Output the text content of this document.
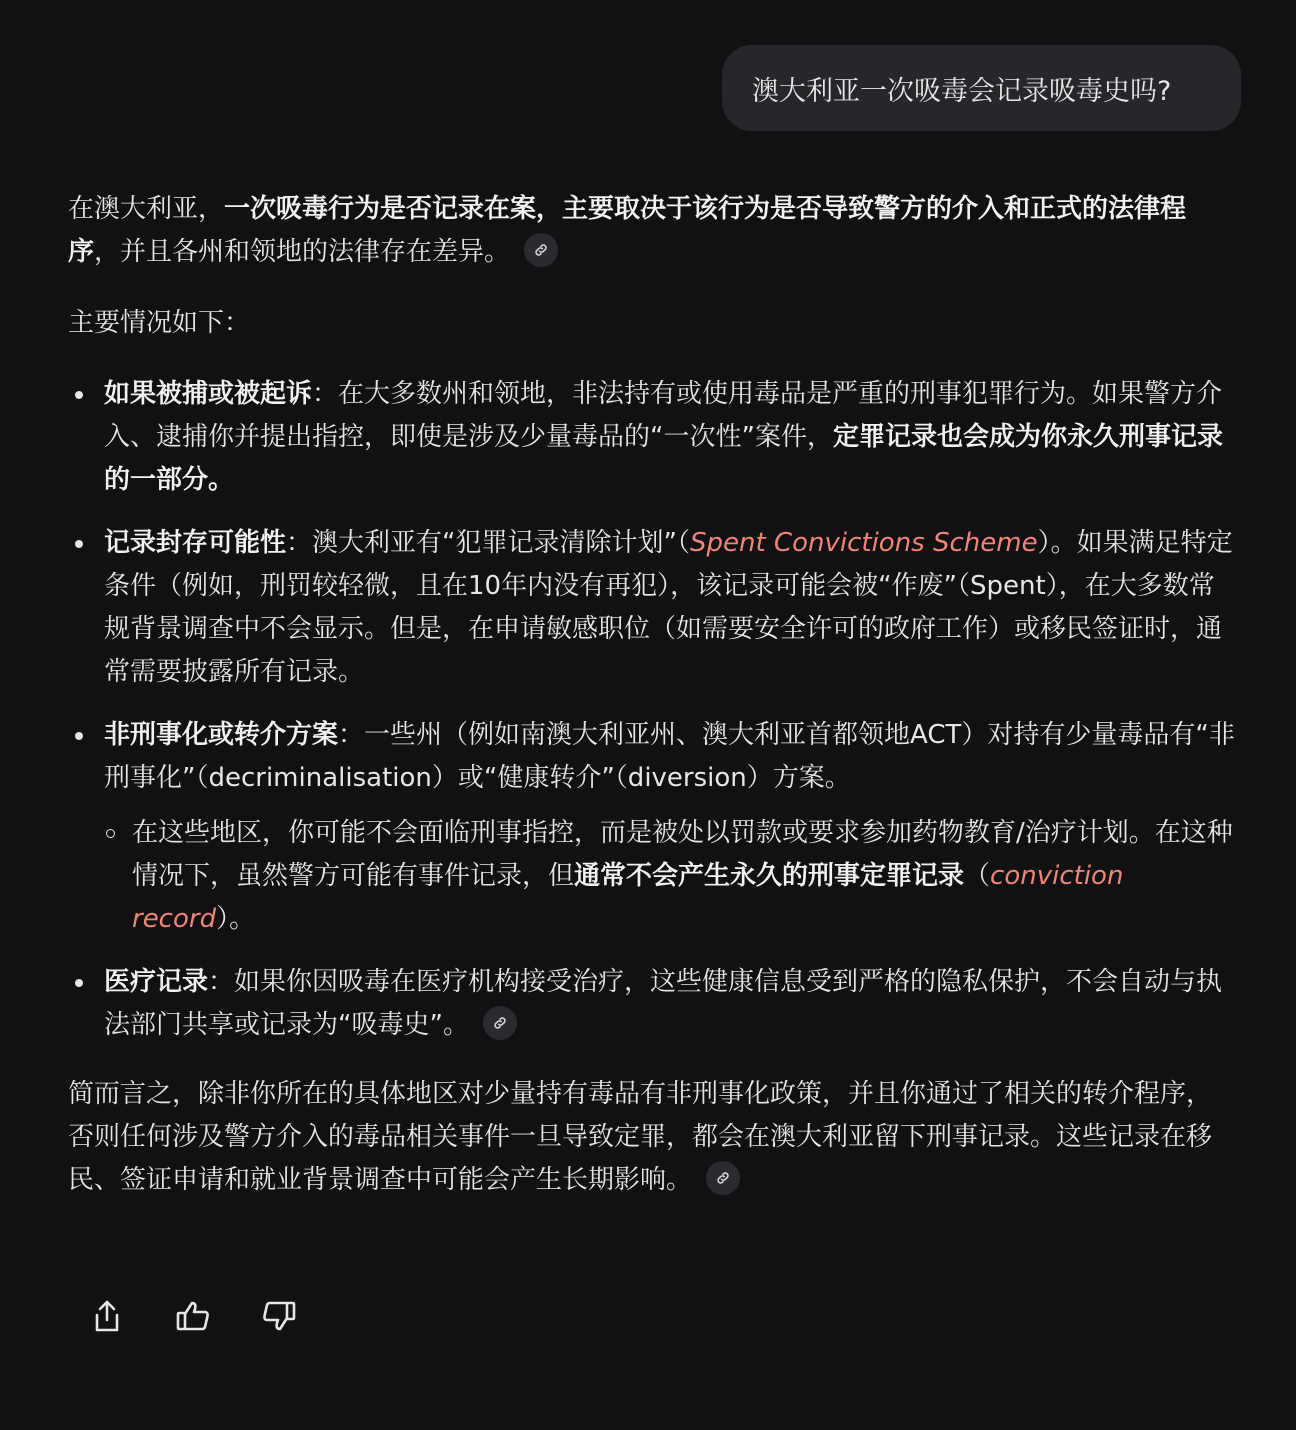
澳大利亚一次吸毒会记录吸毒史吗?

在澳大利亚，一次吸毒行为是否记录在案，主要取决于该行为是否导致警方的介入和正式的法律程序，并且各州和领地的法律存在差异。

主要情况如下：

如果被捕或被起诉：在大多数州和领地，非法持有或使用毒品是严重的刑事犯罪行为。如果警方介入、逮捕你并提出指控，即使是涉及少量毒品的“一次性”案件，定罪记录也会成为你永久刑事记录的一部分。
记录封存可能性：澳大利亚有“犯罪记录清除计划”（Spent Convictions Scheme）。如果满足特定条件（例如，刑罚较轻微，且在10年内没有再犯），该记录可能会被“作废”（Spent），在大多数常规背景调查中不会显示。但是，在申请敏感职位（如需要安全许可的政府工作）或移民签证时，通常需要披露所有记录。
非刑事化或转介方案：一些州（例如南澳大利亚州、澳大利亚首都领地ACT）对持有少量毒品有“非刑事化”（decriminalisation）或“健康转介”（diversion）方案。
在这些地区，你可能不会面临刑事指控，而是被处以罚款或要求参加药物教育/治疗计划。在这种情况下，虽然警方可能有事件记录，但通常不会产生永久的刑事定罪记录（conviction record）。
医疗记录：如果你因吸毒在医疗机构接受治疗，这些健康信息受到严格的隐私保护，不会自动与执法部门共享或记录为“吸毒史”。

简而言之，除非你所在的具体地区对少量持有毒品有非刑事化政策，并且你通过了相关的转介程序，否则任何涉及警方介入的毒品相关事件一旦导致定罪，都会在澳大利亚留下刑事记录。这些记录在移民、签证申请和就业背景调查中可能会产生长期影响。
